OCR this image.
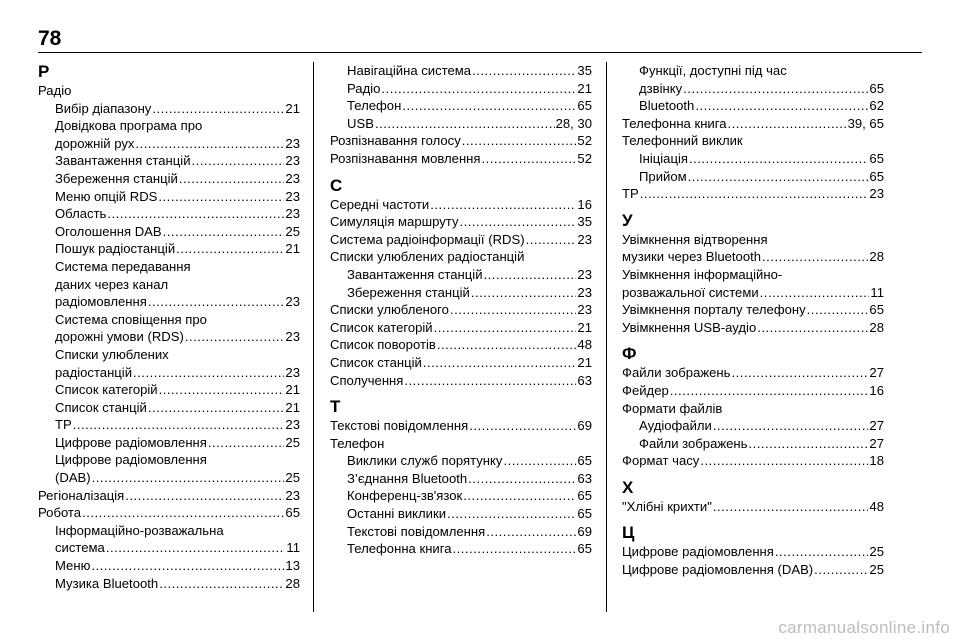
78
Р
Радіо
Вибір діапазону .....	21
Довідкова програма про
дорожній рух .....	23
Завантаження станцій .....	23
Збереження станцій .....	23
Меню опцій RDS .....	23
Область .....	23
Оголошення DAB .....	25
Пошук радіостанцій .....	21
Система передавання
даних через канал
радіомовлення .....	23
Система сповіщення про
дорожні умови (RDS) .....	23
Списки улюблених
радіостанцій .....	23
Список категорій .....	21
Список станцій .....	21
TP .....	23
Цифрове радіомовлення .....	25
Цифрове радіомовлення
(DAB) .....	25
Регіоналізація .....	23
Робота .....	65
Інформаційно-розважальна
система .....	11
Меню .....	13
Музика Bluetooth .....	28
Навігаційна система .....	35
Радіо .....	21
Телефон .....	65
USB .....	28, 30
Розпізнавання голосу .....	52
Розпізнавання мовлення .....	52
С
Середні частоти .....	16
Симуляція маршруту .....	35
Система радіоінформації (RDS) .....	23
Списки улюблених радіостанцій
Завантаження станцій .....	23
Збереження станцій .....	23
Списки улюбленого .....	23
Список категорій .....	21
Список поворотів .....	48
Список станцій .....	21
Сполучення .....	63
Т
Текстові повідомлення .....	69
Телефон
Виклики служб порятунку .....	65
З’єднання Bluetooth .....	63
Конференц-зв'язок .....	65
Останні виклики .....	65
Текстові повідомлення .....	69
Телефонна книга .....	65
Функції, доступні під час
дзвінку .....	65
Bluetooth .....	62
Телефонна книга .....	39, 65
Телефонний виклик
Ініціація .....	65
Прийом .....	65
TP .....	23
У
Увімкнення відтворення
музики через Bluetooth .....	28
Увімкнення інформаційно-
розважальної системи .....	11
Увімкнення порталу телефону .....	65
Увімкнення USB-аудіо .....	28
Ф
Файли зображень .....	27
Фейдер .....	16
Формати файлів
Аудіофайли .....	27
Файли зображень .....	27
Формат часу .....	18
Х
"Хлібні крихти" .....	48
Ц
Цифрове радіомовлення .....	25
Цифрове радіомовлення (DAB) .....	25
carmanualsonline.info
